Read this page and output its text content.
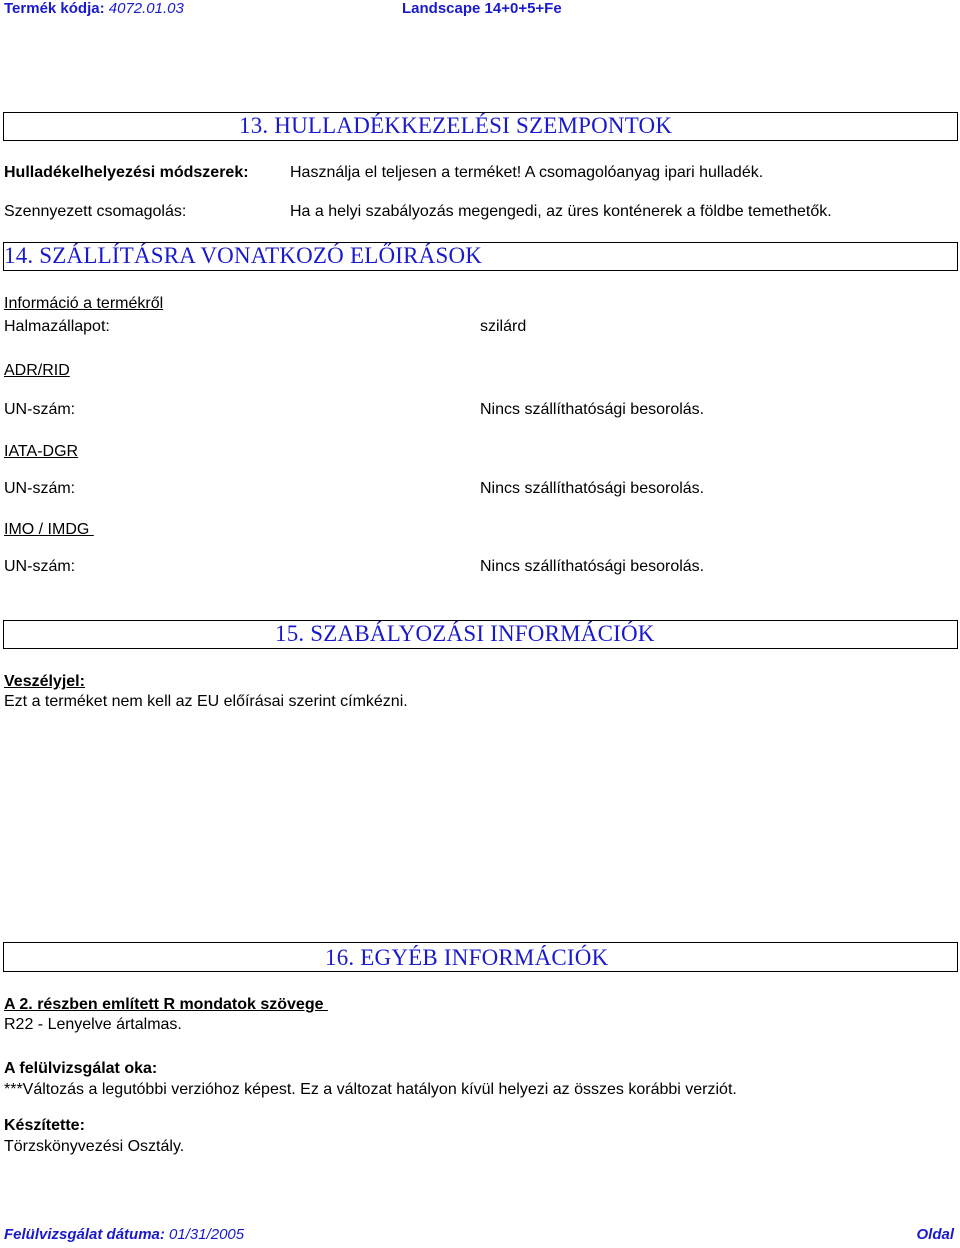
Termék kódja: 4072.01.03	Landscape 14+0+5+Fe
13. HULLADÉKKEZELÉSI SZEMPONTOK
Hulladékelhelyezési módszerek:	Használja el teljesen a terméket! A csomagolóanyag ipari hulladék.
Szennyezett csomagolás:	Ha a helyi szabályozás megengedi, az üres konténerek a földbe temethetők.
14. SZÁLLÍTÁSRA VONATKOZÓ ELŐIRÁSOK
Információ a termékről
Halmazállapot:	szilárd
ADR/RID
UN-szám:	Nincs szállíthatósági besorolás.
IATA-DGR
UN-szám:	Nincs szállíthatósági besorolás.
IMO / IMDG
UN-szám:	Nincs szállíthatósági besorolás.
15. SZABÁLYOZÁSI INFORMÁCIÓK
Veszélyjel:
Ezt a terméket nem kell az EU előírásai szerint címkézni.
16. EGYÉB INFORMÁCIÓK
A 2. részben említett R mondatok szövege
R22 - Lenyelve ártalmas.
A felülvizsgálat oka:
***Változás a legutóbbi verzióhoz képest. Ez a változat hatályon kívül helyezi az összes korábbi verziót.
Készítette:
Törzskönyvezési Osztály.
Felülvizsgálat dátuma: 01/31/2005	Oldal
